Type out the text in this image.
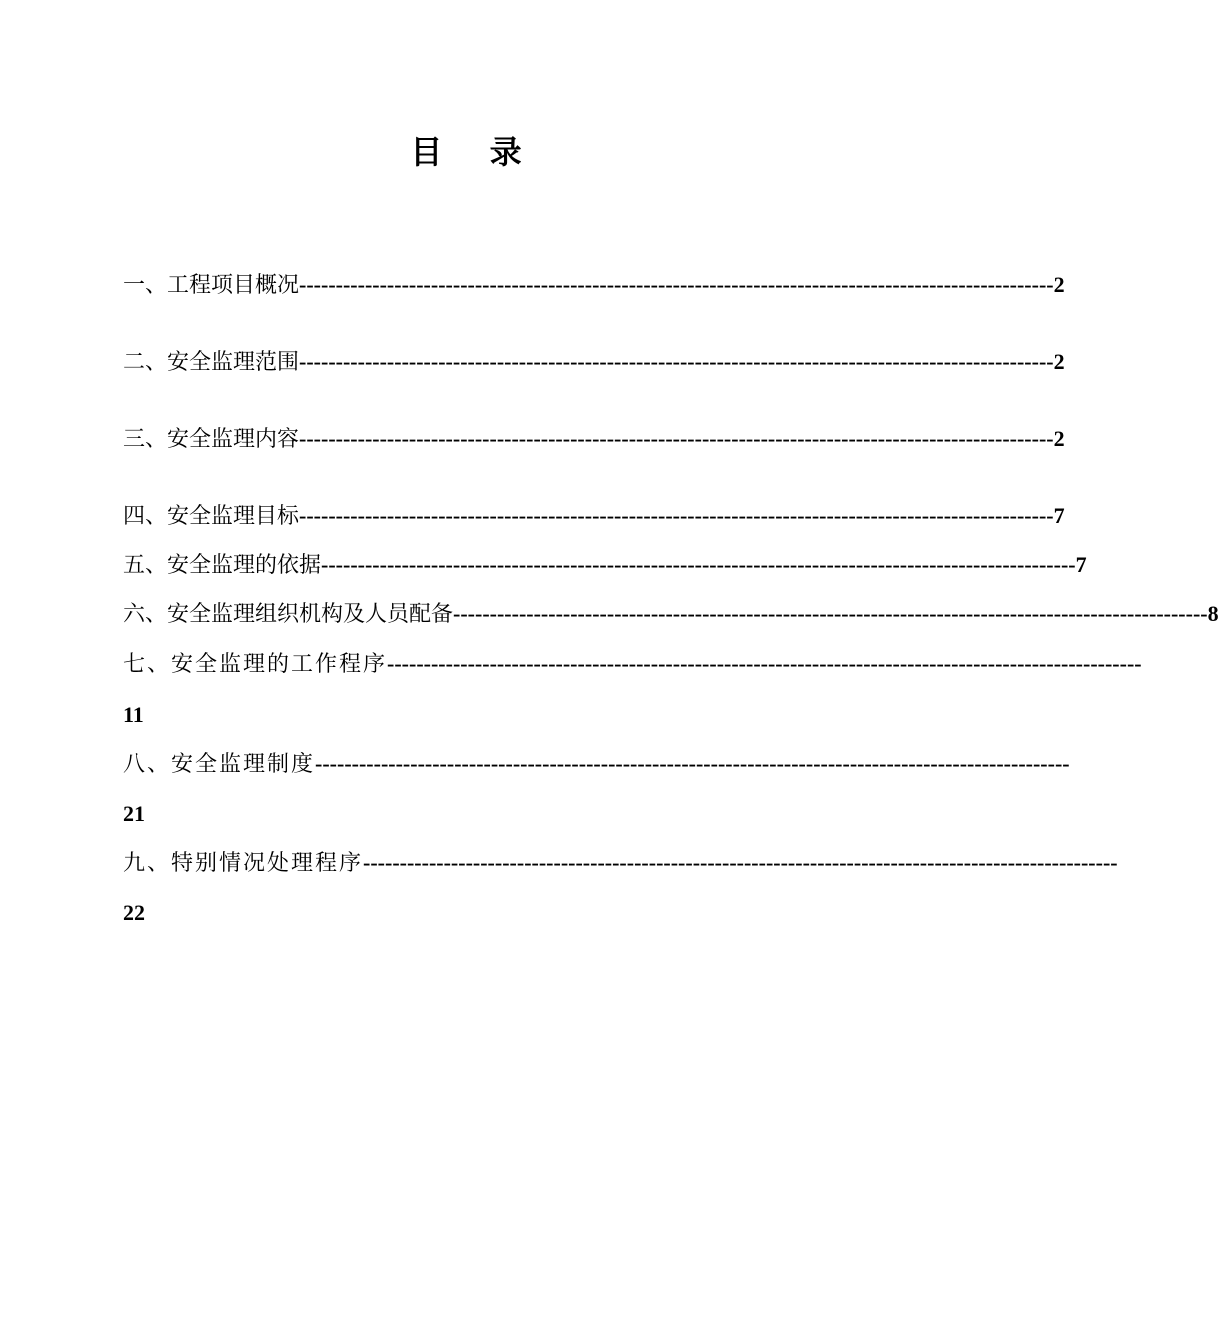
目 录
一、工程项目概况 ------------------------------------------------------------------------------------------------------- 2
二、安全监理范围 ------------------------------------------------------------------------------------------------------- 2
三、安全监理内容 ------------------------------------------------------------------------------------------------------- 2
四、安全监理目标 ------------------------------------------------------------------------------------------------------- 7
五、安全监理的依据 ------------------------------------------------------------------------------------------------------- 7
六、安全监理组织机构及人员配备 ------------------------------------------------------------------------------------------------------- 8
七、安全监理的工作程序 -------------------------------------------------------------------------------------------------------
11
八、安全监理制度 -------------------------------------------------------------------------------------------------------
21
九、特别情况处理程序 -------------------------------------------------------------------------------------------------------
22
